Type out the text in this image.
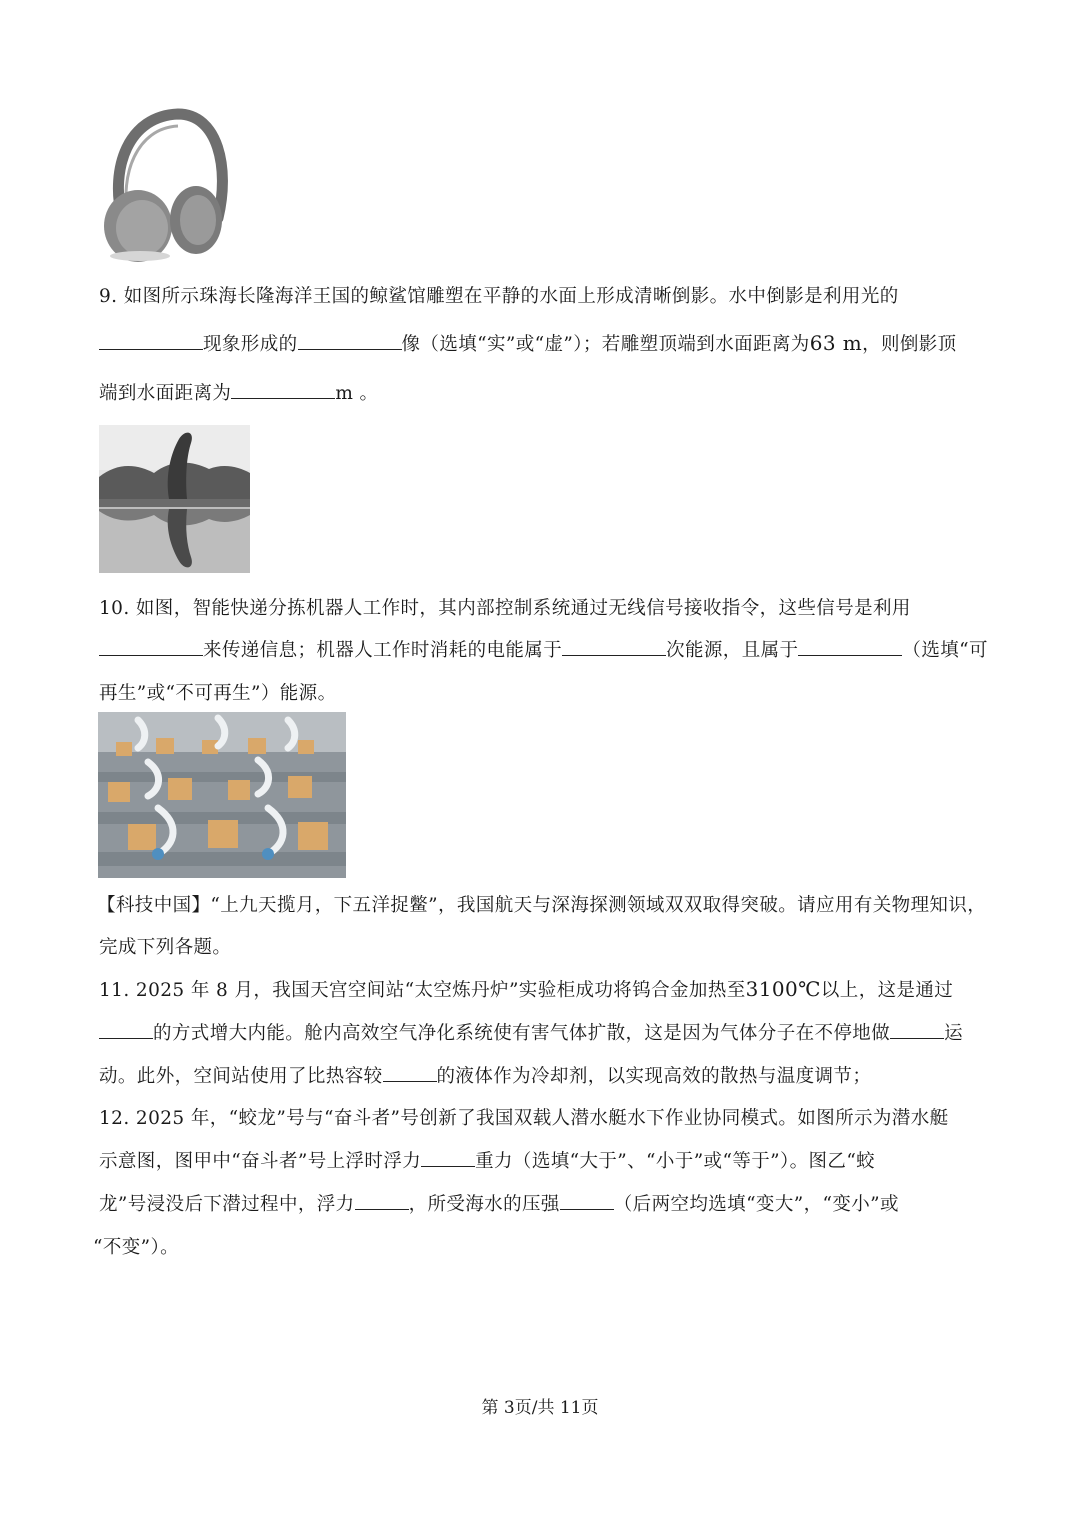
9. 如图所示珠海长隆海洋王国的鲸鲨馆雕塑在平静的水面上形成清晰倒影。水中倒影是利用光的
现象形成的	像（选填“实”或“虚”）；若雕塑顶端到水面距离为63 m，则倒影顶
端到水面距离为	m 。
10. 如图，智能快递分拣机器人工作时，其内部控制系统通过无线信号接收指令，这些信号是利用
来传递信息；机器人工作时消耗的电能属于	次能源，且属于	（选填“可
再生”或“不可再生”）能源。
【科技中国】“上九天揽月，下五洋捉鳖”，我国航天与深海探测领域双双取得突破。请应用有关物理知识，
完成下列各题。
11. 2025 年 8 月，我国天宫空间站“太空炼丹炉”实验柜成功将钨合金加热至3100℃以上，这是通过
的方式增大内能。舱内高效空气净化系统使有害气体扩散，这是因为气体分子在不停地做	运
动。此外，空间站使用了比热容较	的液体作为冷却剂，以实现高效的散热与温度调节；
12. 2025 年，“蛟龙”号与“奋斗者”号创新了我国双载人潜水艇水下作业协同模式。如图所示为潜水艇
示意图，图甲中“奋斗者”号上浮时浮力	重力（选填“大于”、“小于”或“等于”）。图乙“蛟
龙”号浸没后下潜过程中，浮力	，所受海水的压强	（后两空均选填“变大”，“变小”或
“不变”）。
第 3页/共 11页
